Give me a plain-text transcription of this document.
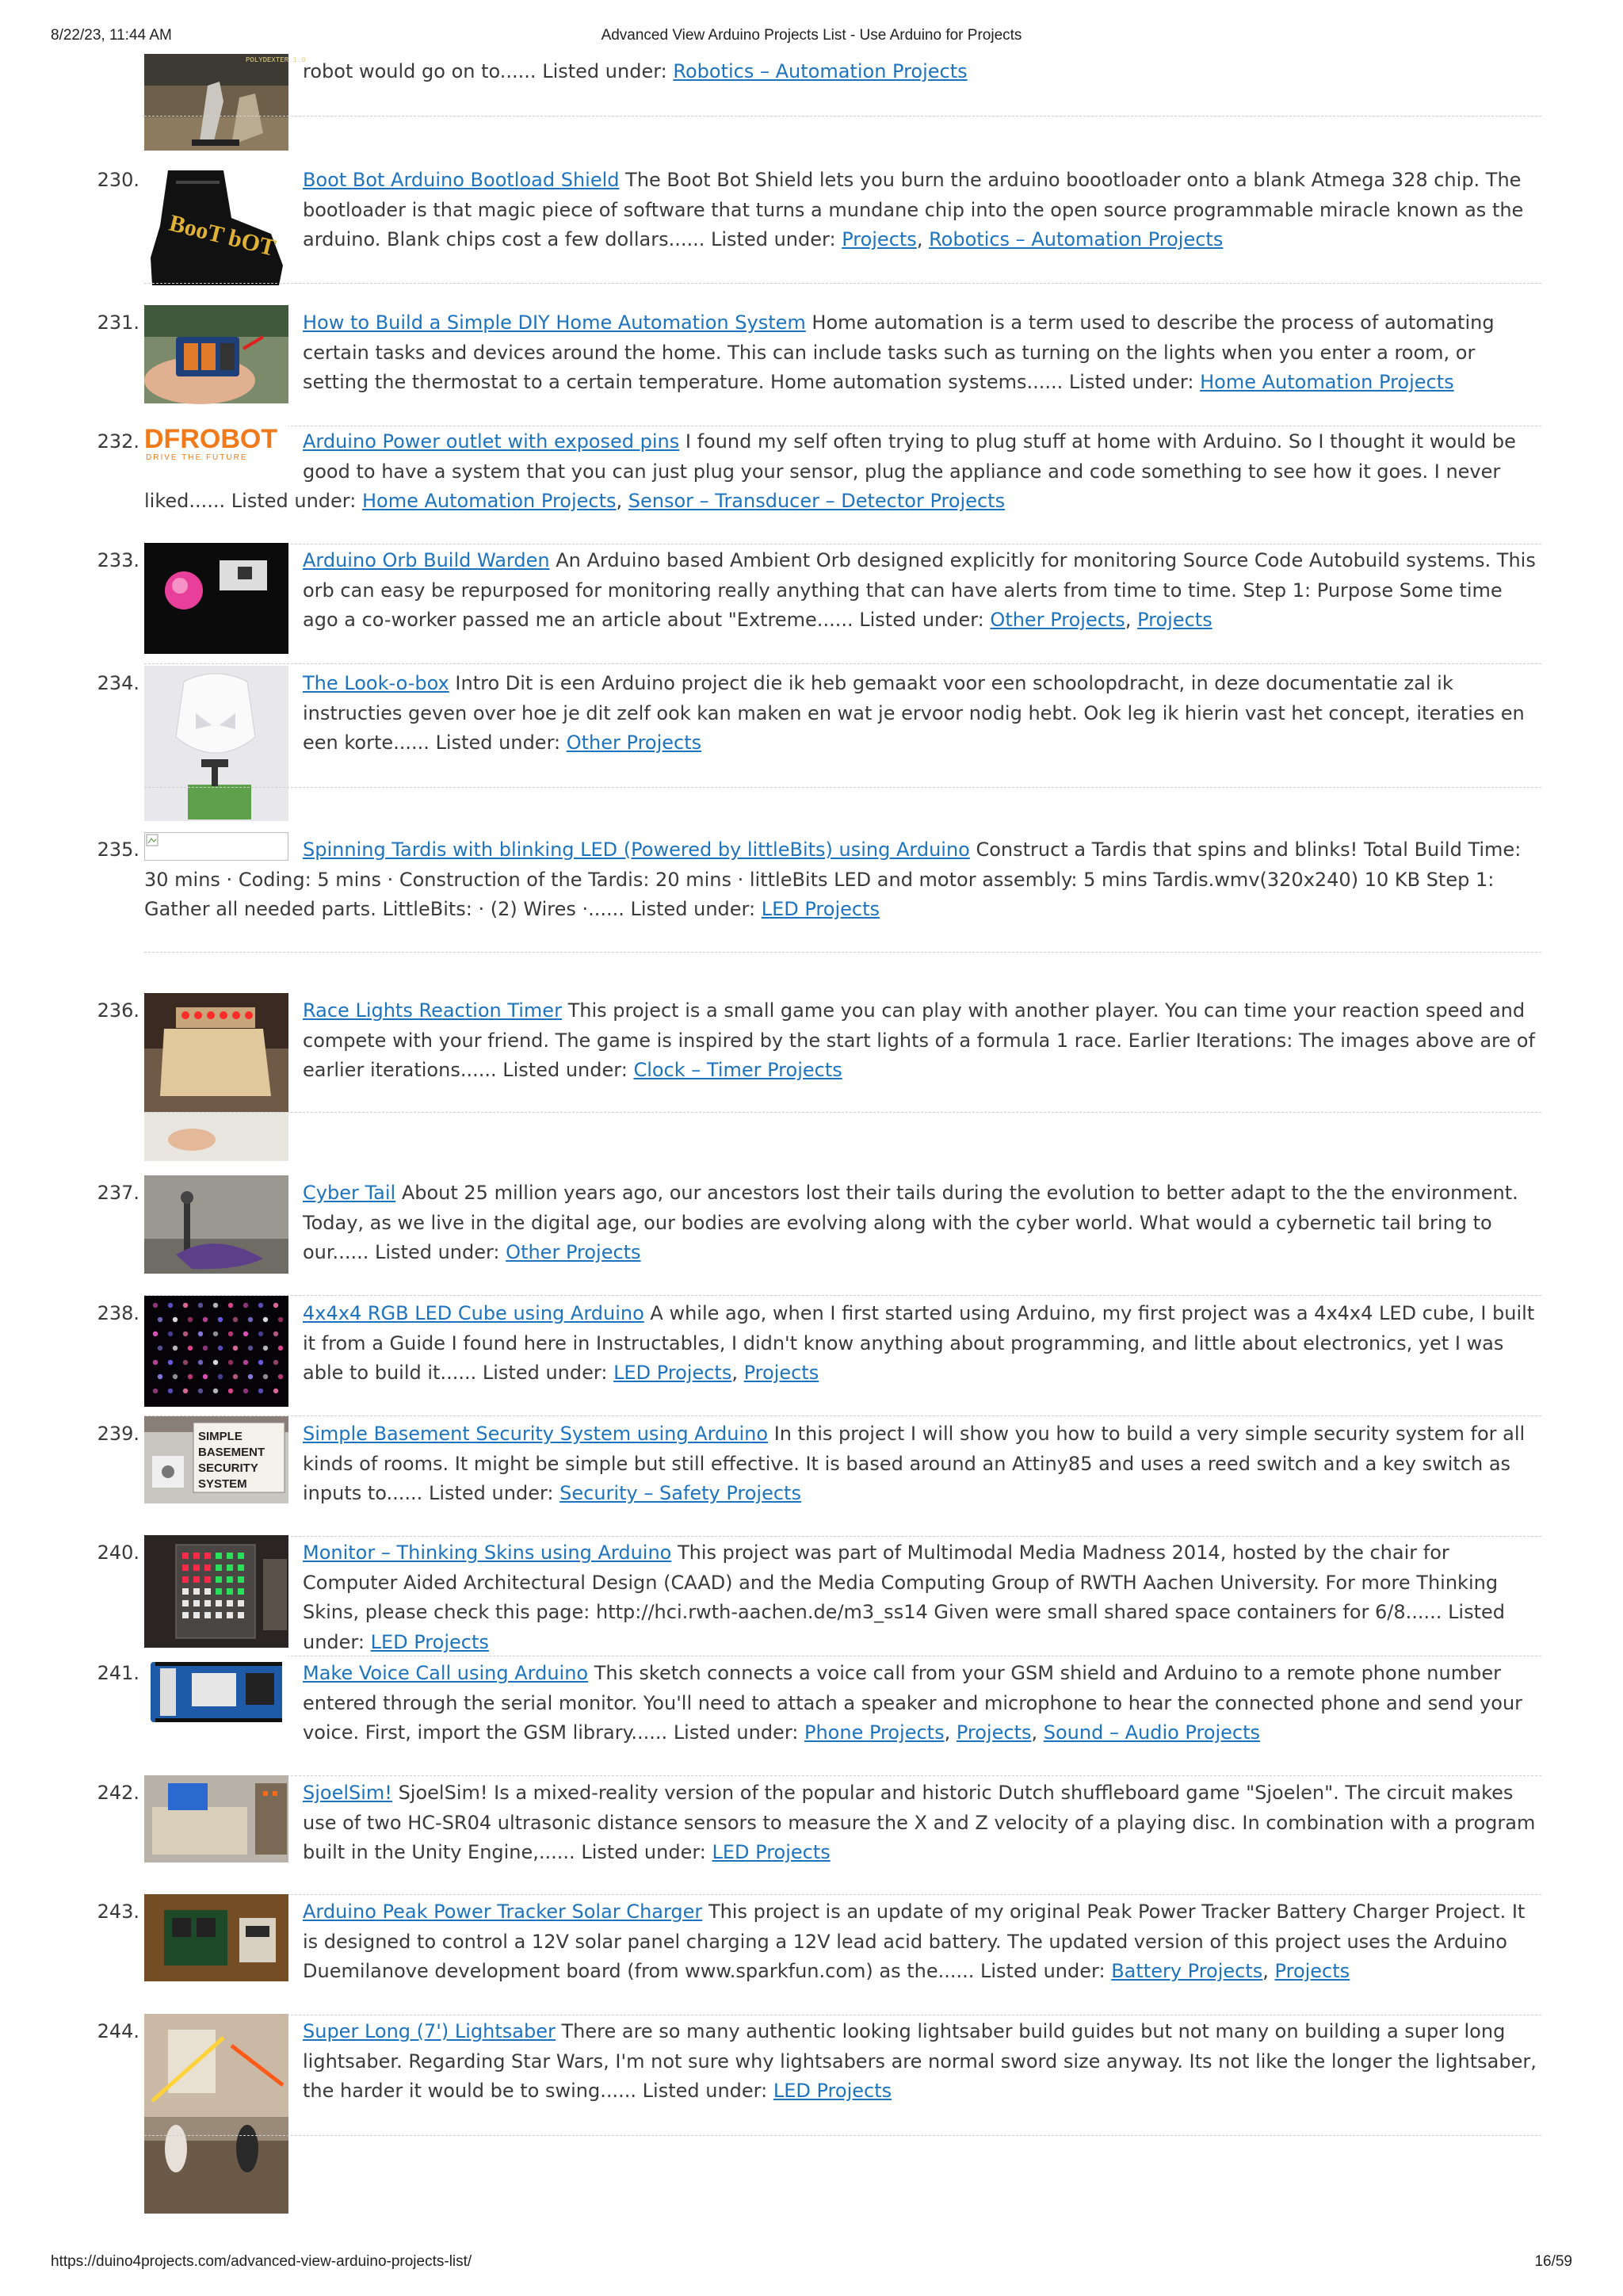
8/22/23, 11:44 AM	Advanced View Arduino Projects List - Use Arduino for Projects
POLYDEXTER 1.0
robot would go on to...... Listed under: Robotics – Automation Projects
230.
BooT bOT
Boot Bot Arduino Bootload Shield The Boot Bot Shield lets you burn the arduino boootloader onto a blank Atmega 328 chip. The bootloader is that magic piece of software that turns a mundane chip into the open source programmable miracle known as the arduino. Blank chips cost a few dollars...... Listed under: Projects, Robotics – Automation Projects
231.	How to Build a Simple DIY Home Automation System Home automation is a term used to describe the process of automating certain tasks and devices around the home. This can include tasks such as turning on the lights when you enter a room, or setting the thermostat to a certain temperature. Home automation systems...... Listed under: Home Automation Projects
232. DFROBOT
DRIVE THE FUTURE
Arduino Power outlet with exposed pins I found my self often trying to plug stuff at home with Arduino. So I thought it would be good to have a system that you can just plug your sensor, plug the appliance and code something to see how it goes. I never liked...... Listed under: Home Automation Projects, Sensor – Transducer – Detector Projects
233.	Arduino Orb Build Warden An Arduino based Ambient Orb designed explicitly for monitoring Source Code Autobuild systems. This orb can easy be repurposed for monitoring really anything that can have alerts from time to time. Step 1: Purpose Some time ago a co-worker passed me an article about "Extreme...... Listed under: Other Projects, Projects
234.	The Look-o-box Intro Dit is een Arduino project die ik heb gemaakt voor een schoolopdracht, in deze documentatie zal ik instructies geven over hoe je dit zelf ook kan maken en wat je ervoor nodig hebt. Ook leg ik hierin vast het concept, iteraties en een korte...... Listed under: Other Projects
235.	Spinning Tardis with blinking LED (Powered by littleBits) using Arduino Construct a Tardis that spins and blinks! Total Build Time: 30 mins · Coding: 5 mins · Construction of the Tardis: 20 mins · littleBits LED and motor assembly: 5 mins Tardis.wmv(320x240) 10 KB Step 1: Gather all needed parts. LittleBits: · (2) Wires ·...... Listed under: LED Projects
236.	Race Lights Reaction Timer This project is a small game you can play with another player. You can time your reaction speed and compete with your friend. The game is inspired by the start lights of a formula 1 race. Earlier Iterations: The images above are of earlier iterations...... Listed under: Clock – Timer Projects
237.	Cyber Tail About 25 million years ago, our ancestors lost their tails during the evolution to better adapt to the the environment. Today, as we live in the digital age, our bodies are evolving along with the cyber world. What would a cybernetic tail bring to our...... Listed under: Other Projects
238.	4x4x4 RGB LED Cube using Arduino A while ago, when I first started using Arduino, my first project was a 4x4x4 LED cube, I built it from a Guide I found here in Instructables, I didn't know anything about programming, and little about electronics, yet I was able to build it...... Listed under: LED Projects, Projects
239.	SIMPLE
BASEMENT
SECURITY
SYSTEM
Simple Basement Security System using Arduino In this project I will show you how to build a very simple security system for all kinds of rooms. It might be simple but still effective. It is based around an Attiny85 and uses a reed switch and a key switch as inputs to...... Listed under: Security – Safety Projects
240.	Monitor – Thinking Skins using Arduino This project was part of Multimodal Media Madness 2014, hosted by the chair for Computer Aided Architectural Design (CAAD) and the Media Computing Group of RWTH Aachen University. For more Thinking Skins, please check this page: http://hci.rwth-aachen.de/m3_ss14 Given were small shared space containers for 6/8...... Listed under: LED Projects
241.	Make Voice Call using Arduino This sketch connects a voice call from your GSM shield and Arduino to a remote phone number entered through the serial monitor. You'll need to attach a speaker and microphone to hear the connected phone and send your voice. First, import the GSM library...... Listed under: Phone Projects, Projects, Sound – Audio Projects
242.	SjoelSim! SjoelSim! Is a mixed-reality version of the popular and historic Dutch shuffleboard game "Sjoelen". The circuit makes use of two HC-SR04 ultrasonic distance sensors to measure the X and Z velocity of a playing disc. In combination with a program built in the Unity Engine,...... Listed under: LED Projects
243.	Arduino Peak Power Tracker Solar Charger This project is an update of my original Peak Power Tracker Battery Charger Project. It is designed to control a 12V solar panel charging a 12V lead acid battery. The updated version of this project uses the Arduino Duemilanove development board (from www.sparkfun.com) as the...... Listed under: Battery Projects, Projects
244.	Super Long (7') Lightsaber There are so many authentic looking lightsaber build guides but not many on building a super long lightsaber. Regarding Star Wars, I'm not sure why lightsabers are normal sword size anyway. Its not like the longer the lightsaber, the harder it would be to swing...... Listed under: LED Projects
https://duino4projects.com/advanced-view-arduino-projects-list/	16/59
